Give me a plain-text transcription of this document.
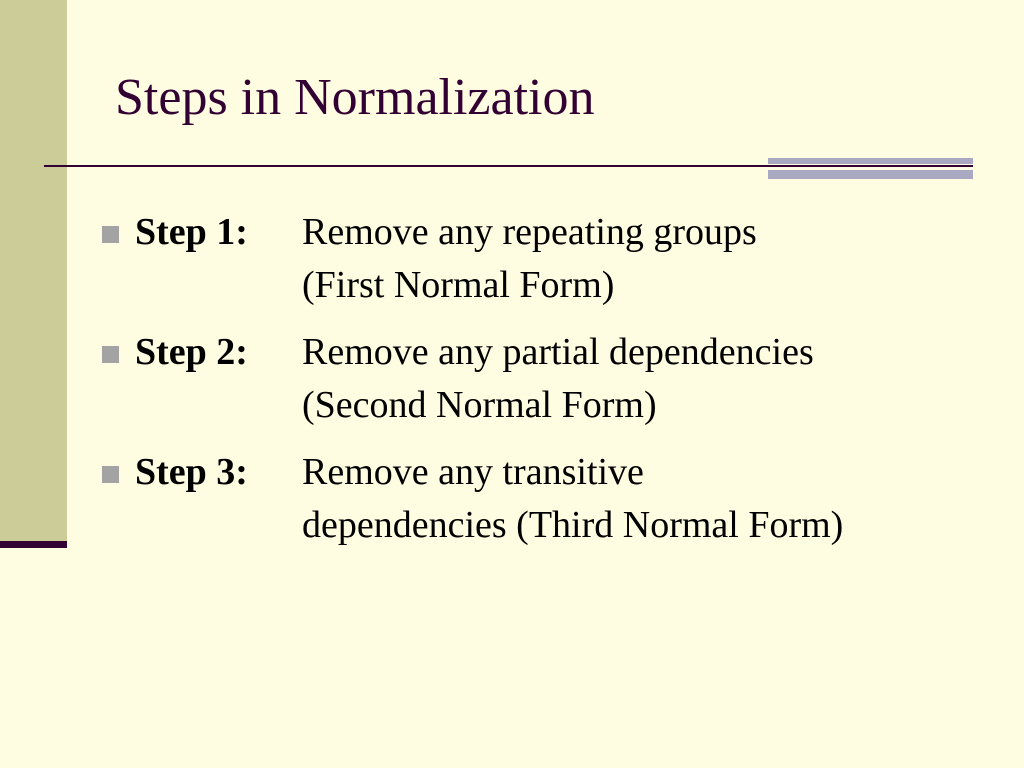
Steps in Normalization
Step 1: Remove any repeating groups
(First Normal Form)
Step 2: Remove any partial dependencies
(Second Normal Form)
Step 3: Remove any transitive
dependencies (Third Normal Form)
